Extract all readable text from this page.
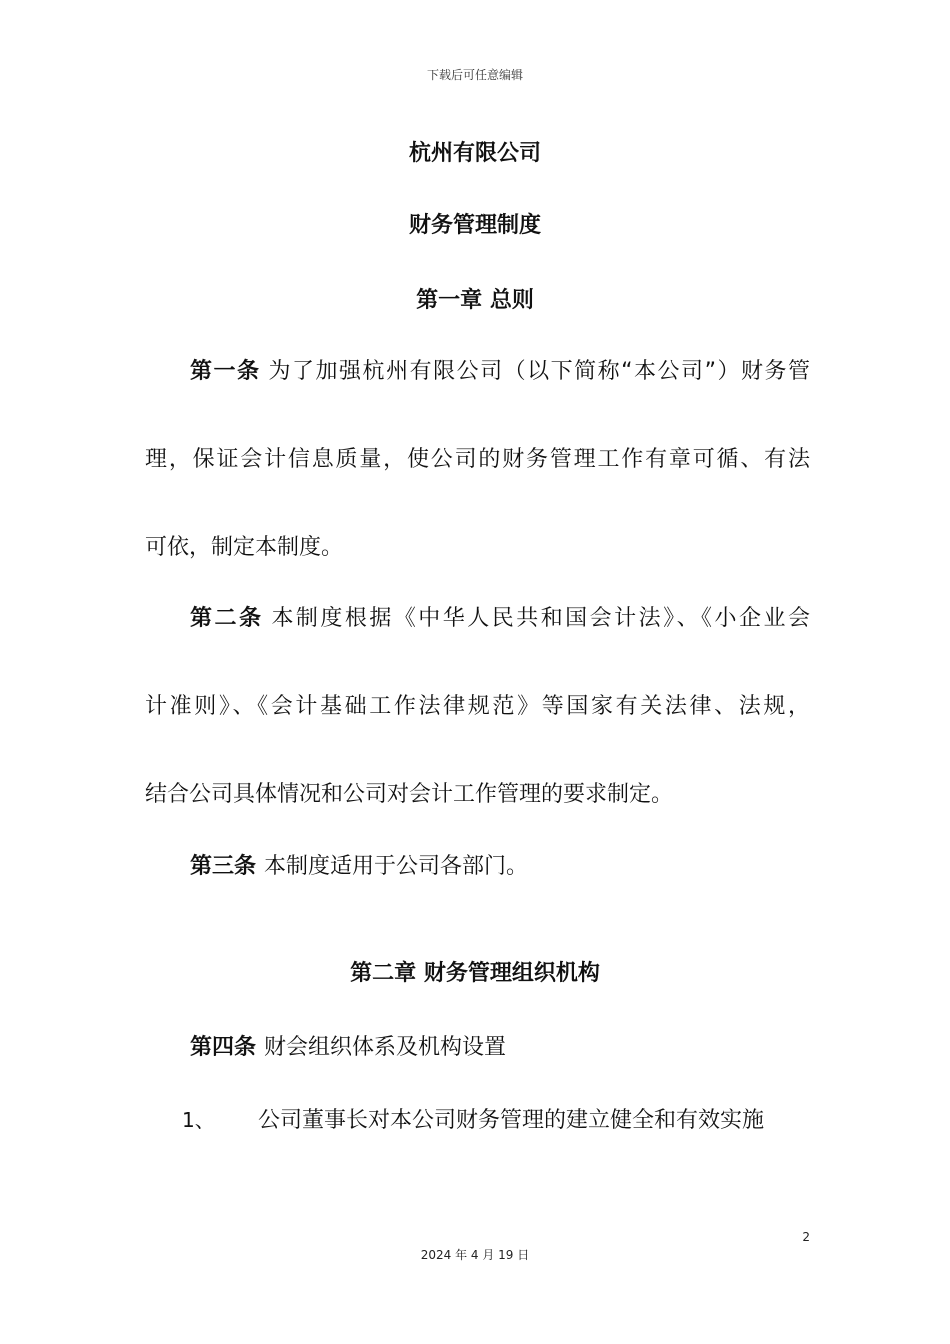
下载后可任意编辑
杭州有限公司
财务管理制度
第一章 总则
第一条 为了加强杭州有限公司（以下简称“本公司”）财务管
理，保证会计信息质量，使公司的财务管理工作有章可循、有法
可依，制定本制度。
第二条 本制度根据《中华人民共和国会计法》、《小企业会
计准则》、《会计基础工作法律规范》等国家有关法律、法规，
结合公司具体情况和公司对会计工作管理的要求制定。
第三条 本制度适用于公司各部门。
第二章 财务管理组织机构
第四条 财会组织体系及机构设置
1、 公司董事长对本公司财务管理的建立健全和有效实施
2
2024 年 4 月 19 日
